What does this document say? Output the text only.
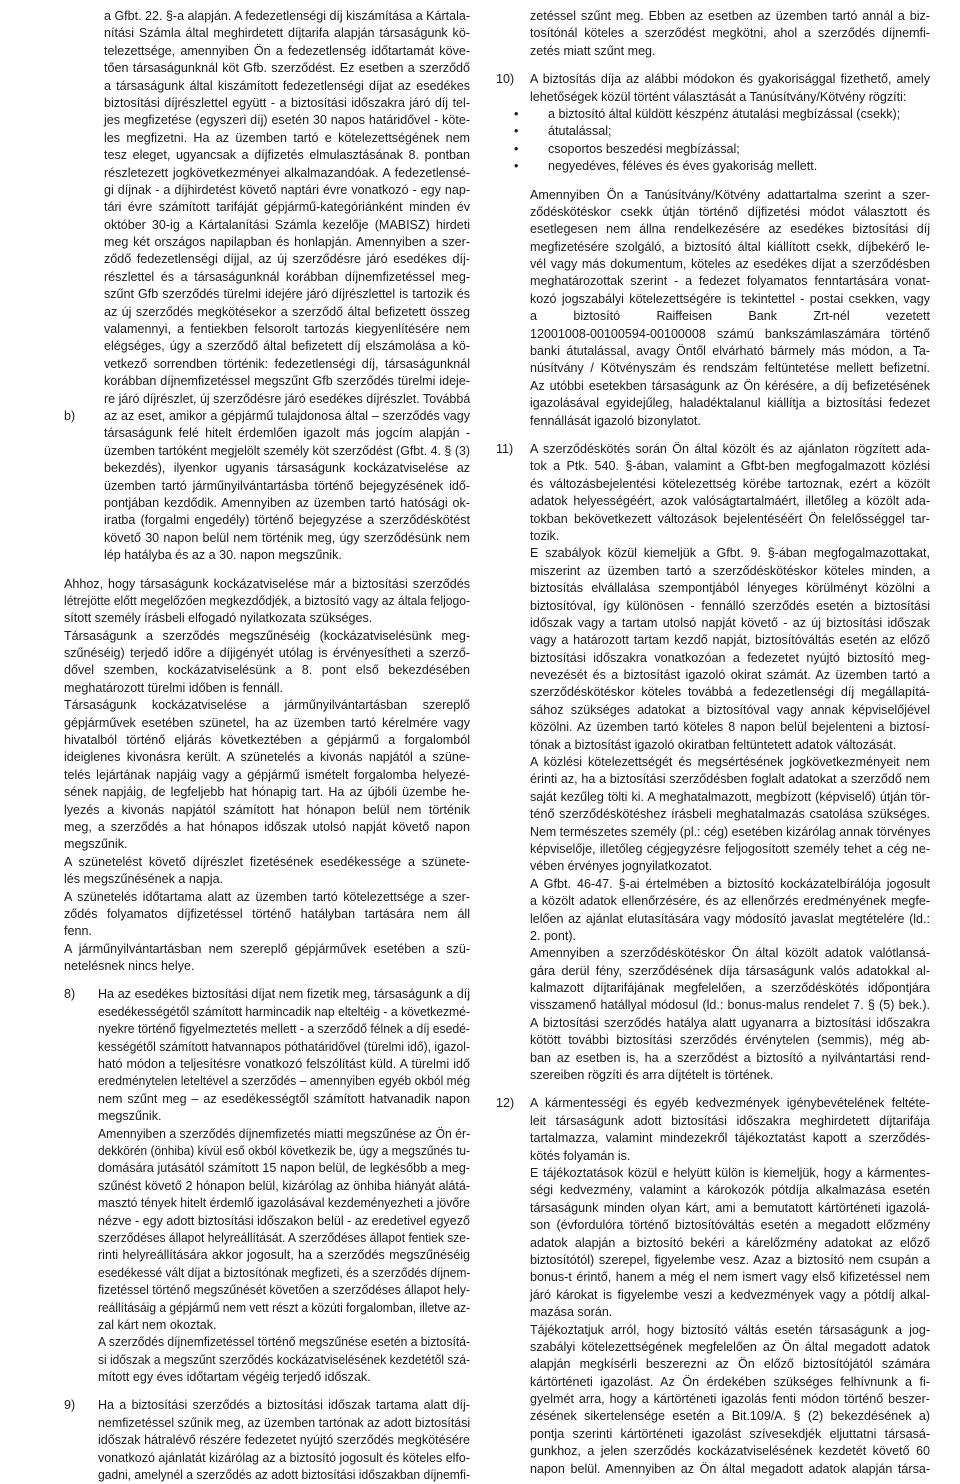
a Gfbt. 22. §-a alapján. A fedezetlenségi díj kiszámítása a Kártala-
nítási Számla által meghirdetett díjtarifa alapján társaságunk kö-
telezettsége, amennyiben Ön a fedezetlenség időtartamát köve-
tően társaságunknál köt Gfb. szerződést. Ez esetben a szerződő
a társaságunk által kiszámított fedezetlenségi díjat az esedékes
biztosítási díjrészlettel együtt - a biztosítási időszakra járó díj tel-
jes megfizetése (egyszeri díj) esetén 30 napos határidővel - köte-
les megfizetni. Ha az üzemben tartó e kötelezettségének nem
tesz eleget, ugyancsak a díjfizetés elmulasztásának 8. pontban
részletezett jogkövetkezményei alkalmazandóak. A fedezetlensé-
gi díjnak - a díjhirdetést követő naptári évre vonatkozó - egy nap-
tári évre számított tarifáját gépjármű-kategóriánként minden év
október 30-ig a Kártalanítási Számla kezelője (MABISZ) hirdeti
meg két országos napilapban és honlapján. Amennyiben a szer-
ződő fedezetlenségi díjjal, az új szerződésre járó esedékes díj-
részlettel és a társaságunknál korábban díjnemfizetéssel meg-
szűnt Gfb szerződés türelmi idejére járó díjrészlettel is tartozik és
az új szerződés megkötésekor a szerződő által befizetett összeg
valamennyi, a fentiekben felsorolt tartozás kiegyenlítésére nem
elégséges, úgy a szerződő által befizetett díj elszámolása a kö-
vetkező sorrendben történik: fedezetlenségi díj, társaságunknál
korábban díjnemfizetéssel megszűnt Gfb szerződés türelmi ideje-
re járó díjrészlet, új szerződésre járó esedékes díjrészlet. Továbbá
b) az az eset, amikor a gépjármű tulajdonosa által – szerződés vagy
társaságunk felé hitelt érdemlően igazolt más jogcím alapján -
üzemben tartóként megjelölt személy köt szerződést (Gfbt. 4. § (3)
bekezdés), ilyenkor ugyanis társaságunk kockázatviselése az
üzemben tartó járműnyilvántartásba történő bejegyzésének idő-
pontjában kezdődik. Amennyiben az üzemben tartó hatósági ok-
iratba (forgalmi engedély) történő bejegyzése a szerződéskötést
követő 30 napon belül nem történik meg, úgy szerződésünk nem
lép hatályba és az a 30. napon megszűnik.
Ahhoz, hogy társaságunk kockázatviselése már a biztosítási szerződés
létrejötte előtt megelőzően megkezdődjék, a biztosító vagy az általa feljogo-
sított személy írásbeli elfogadó nyilatkozata szükséges.
Társaságunk a szerződés megszűnéséig (kockázatviselésünk meg-
szűnéséig) terjedő időre a díjigényét utólag is érvényesítheti a szerző-
dővel szemben, kockázatviselésünk a 8. pont első bekezdésében
meghatározott türelmi időben is fennáll.
Társaságunk kockázatviselése a járműnyilvántartásban szereplő
gépjárművek esetében szünetel, ha az üzemben tartó kérelmére vagy
hivatalból történő eljárás következtében a gépjármű a forgalomból
ideiglenes kivonásra került. A szünetelés a kivonás napjától a szüne-
telés lejártának napjáig vagy a gépjármű ismételt forgalomba helyezé-
sének napjáig, de legfeljebb hat hónapig tart. Ha az újbóli üzembe he-
lyezés a kivonás napjától számított hat hónapon belül nem történik
meg, a szerződés a hat hónapos időszak utolsó napját követő napon
megszűnik.
A szünetelést követő díjrészlet fizetésének esedékessége a szünete-
lés megszűnésének a napja.
A szünetelés időtartama alatt az üzemben tartó kötelezettsége a szer-
ződés folyamatos díjfizetéssel történő hatályban tartására nem áll
fenn.
A járműnyilvántartásban nem szereplő gépjárművek esetében a szü-
netelésnek nincs helye.
8) Ha az esedékes biztosítási díjat nem fizetik meg, társaságunk a díj
esedékességétől számított harmincadik nap elteltéig - a következmé-
nyekre történő figyelmeztetés mellett - a szerződő félnek a díj esedé-
kességétől számított hatvannapos póthatáridővel (türelmi idő), igazol-
ható módon a teljesítésre vonatkozó felszólítást küld. A türelmi idő
eredménytelen leteltével a szerződés – amennyiben egyéb okból még
nem szűnt meg – az esedékességtől számított hatvanadik napon
megszűnik.
Amennyiben a szerződés díjnemfizetés miatti megszűnése az Ön ér-
dekkörén (önhiba) kívül eső okból következik be, úgy a megszűnés tu-
domására jutásától számított 15 napon belül, de legkésőbb a meg-
szűnést követő 2 hónapon belül, kizárólag az önhiba hiányát alátá-
masztó tények hitelt érdemlő igazolásával kezdeményezheti a jövőre
nézve - egy adott biztosítási időszakon belül - az eredetivel egyező
szerződéses állapot helyreállítását. A szerződéses állapot fentiek sze-
rinti helyreállítására akkor jogosult, ha a szerződés megszűnéséig
esedékessé vált díjat a biztosítónak megfizeti, és a szerződés díjnem-
fizetéssel történő megszűnését követően a szerződéses állapot hely-
reállításáig a gépjármű nem vett részt a közúti forgalomban, illetve az-
zal kárt nem okoztak.
A szerződés díjnemfizetéssel történő megszűnése esetén a biztosítá-
si időszak a megszűnt szerződés kockázatviselésének kezdetétől szá-
mított egy éves időtartam végéig terjedő időszak.
9) Ha a biztosítási szerződés a biztosítási időszak tartama alatt díj-
nemfizetéssel szűnik meg, az üzemben tartónak az adott biztosítási
időszak hátralévő részére fedezetet nyújtó szerződés megkötésére
vonatkozó ajánlatát kizárólag az a biztosító jogosult és köteles elfo-
gadni, amelynél a szerződés az adott biztosítási időszakban díjnemfi-
zetéssel szűnt meg. Ebben az esetben az üzemben tartó annál a biz-
tosítónál köteles a szerződést megkötni, ahol a szerződés díjnemfi-
zetés miatt szűnt meg.
10) A biztosítás díja az alábbi módokon és gyakorisággal fizethető, amely
lehetőségek közül történt választását a Tanúsítvány/Kötvény rögzíti:
• a biztosító által küldött készpénz átutalási megbízással (csekk);
• átutalással;
• csoportos beszedési megbízással;
• negyedéves, féléves és éves gyakoriság mellett.
Amennyiben Ön a Tanúsítvány/Kötvény adattartalma szerint a szer-
ződéskötéskor csekk útján történő díjfizetési módot választott és
esetlegesen nem állna rendelkezésére az esedékes biztosítási díj
megfizetésére szolgáló, a biztosító által kiállított csekk, díjbekérő le-
vél vagy más dokumentum, köteles az esedékes díjat a szerződésben
meghatározottak szerint - a fedezet folyamatos fenntartására vonat-
kozó jogszabályi kötelezettségére is tekintettel - postai csekken, vagy
a biztosító Raiffeisen Bank Zrt-nél vezetett
12001008-00100594-00100008 számú bankszámlaszámára történő
banki átutalással, avagy Öntől elvárható bármely más módon, a Ta-
núsítvány / Kötvényszám és rendszám feltüntetése mellett befizetni.
Az utóbbi esetekben társaságunk az Ön kérésére, a díj befizetésének
igazolásával egyidejűleg, haladéktalanul kiállítja a biztosítási fedezet
fennállását igazoló bizonylatot.
11) A szerződéskötés során Ön által közölt és az ajánlaton rögzített ada-
tok a Ptk. 540. §-ában, valamint a Gfbt-ben megfogalmazott közlési
és változásbejelentési kötelezettség körébe tartoznak, ezért a közölt
adatok helyességéért, azok valóságtartalmáért, illetőleg a közölt ada-
tokban bekövetkezett változások bejelentéséért Ön felelősséggel tar-
tozik.
E szabályok közül kiemeljük a Gfbt. 9. §-ában megfogalmazottakat,
miszerint az üzemben tartó a szerződéskötéskor köteles minden, a
biztosítás elvállalása szempontjából lényeges körülményt közölni a
biztosítóval, így különösen - fennálló szerződés esetén a biztosítási
időszak vagy a tartam utolsó napját követő - az új biztosítási időszak
vagy a határozott tartam kezdő napját, biztosítóváltás esetén az előző
biztosítási időszakra vonatkozóan a fedezetet nyújtó biztosító meg-
nevezését és a biztosítást igazoló okirat számát. Az üzemben tartó a
szerződéskötéskor köteles továbbá a fedezetlenségi díj megállapítá-
sához szükséges adatokat a biztosítóval vagy annak képviselőjével
közölni. Az üzemben tartó köteles 8 napon belül bejelenteni a biztosí-
tónak a biztosítást igazoló okiratban feltüntetett adatok változását.
A közlési kötelezettségét és megsértésének jogkövetkezményeit nem
érinti az, ha a biztosítási szerződésben foglalt adatokat a szerződő nem
saját kezűleg tölti ki. A meghatalmazott, megbízott (képviselő) útján tör-
ténő szerződéskötéshez írásbeli meghatalmazás csatolása szükséges.
Nem természetes személy (pl.: cég) esetében kizárólag annak törvényes
képviselője, illetőleg cégjegyzésre feljogosított személy tehet a cég ne-
vében érvényes jognyilatkozatot.
A Gfbt. 46-47. §-ai értelmében a biztosító kockázatelbírálója jogosult
a közölt adatok ellenőrzésére, és az ellenőrzés eredményének megfe-
lelően az ajánlat elutasítására vagy módosító javaslat megtételére (ld.:
2. pont).
Amennyiben a szerződéskötéskor Ön által közölt adatok valótlansá-
gára derül fény, szerződésének díja társaságunk valós adatokkal al-
kalmazott díjtarifájának megfelelően, a szerződéskötés időpontjára
visszamenő hatállyal módosul (ld.: bonus-malus rendelet 7. § (5) bek.).
A biztosítási szerződés hatálya alatt ugyanarra a biztosítási időszakra
kötött további biztosítási szerződés érvénytelen (semmis), még ab-
ban az esetben is, ha a szerződést a biztosító a nyilvántartási rend-
szereiben rögzíti és arra díjtételt is történek.
12) A kármentességi és egyéb kedvezmények igénybevételének feltéte-
leit társaságunk adott biztosítási időszakra meghirdetett díjtarifája
tartalmazza, valamint mindezekről tájékoztatást kapott a szerződés-
kötés folyamán is.
E tájékoztatások közül e helyütt külön is kiemeljük, hogy a kármentes-
ségi kedvezmény, valamint a károkozók pótdíja alkalmazása esetén
társaságunk minden olyan kárt, ami a bemutatott kártörténeti igazolá-
son (évfordulóra történő biztosítóváltás esetén a megadott előzmény
adatok alapján a biztosító bekéri a kárelőzmény adatokat az előző
biztosítótól) szerepel, figyelembe vesz. Azaz a biztosító nem csupán a
bonus-t érintő, hanem a még el nem ismert vagy első kifizetéssel nem
járó károkat is figyelembe veszi a kedvezmények vagy a pótdíj alkal-
mazása során.
Tájékoztatjuk arról, hogy biztosító váltás esetén társaságunk a jog-
szabályi kötelezettségének megfelelően az Ön által megadott adatok
alapján megkísérli beszerezni az Ön előző biztosítójától számára
kártörténeti igazolást. Az Ön érdekében szükséges felhívnunk a fi-
gyelmét arra, hogy a kártörténeti igazolás fenti módon történő beszer-
zésének sikertelensége esetén a Bit.109/A. § (2) bekezdésének a)
pontja szerinti kártörténeti igazolást szívesekdjék eljuttatni társasá-
gunkhoz, a jelen szerződés kockázatviselésének kezdetét követő 60
napon belül. Amennyiben az Ön által megadott adatok alapján társa-
